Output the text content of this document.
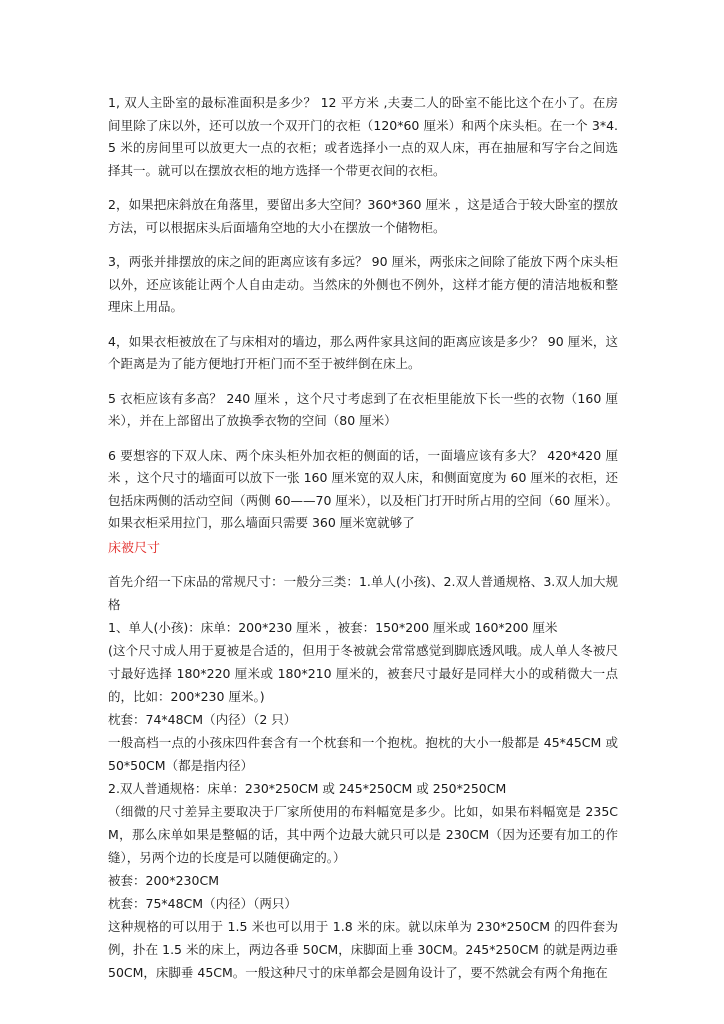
1, 双人主卧室的最标准面积是多少？ 12 平方米 ,夫妻二人的卧室不能比这个在小了。在房间里除了床以外，还可以放一个双开门的衣柜（120*60 厘米）和两个床头柜。在一个 3*4.5 米的房间里可以放更大一点的衣柜；或者选择小一点的双人床，再在抽屉和写字台之间选择其一。就可以在摆放衣柜的地方选择一个带更衣间的衣柜。

2，如果把床斜放在角落里，要留出多大空间？360*360 厘米 ，这是适合于较大卧室的摆放方法，可以根据床头后面墙角空地的大小在摆放一个储物柜。

3，两张并排摆放的床之间的距离应该有多远？ 90 厘米，两张床之间除了能放下两个床头柜以外，还应该能让两个人自由走动。当然床的外侧也不例外，这样才能方便的清洁地板和整理床上用品。

4，如果衣柜被放在了与床相对的墙边，那么两件家具这间的距离应该是多少？ 90 厘米，这个距离是为了能方便地打开柜门而不至于被绊倒在床上。

5 衣柜应该有多高？ 240 厘米 ，这个尺寸考虑到了在衣柜里能放下长一些的衣物（160 厘米），并在上部留出了放换季衣物的空间（80 厘米）

6 要想容的下双人床、两个床头柜外加衣柜的侧面的话，一面墙应该有多大？ 420*420 厘米 ，这个尺寸的墙面可以放下一张 160 厘米宽的双人床，和侧面宽度为 60 厘米的衣柜，还包括床两侧的活动空间（两侧 60——70 厘米），以及柜门打开时所占用的空间（60 厘米）。如果衣柜采用拉门，那么墙面只需要 360 厘米宽就够了

床被尺寸

首先介绍一下床品的常规尺寸：一般分三类：1.单人(小孩)、2.双人普通规格、3.双人加大规格

1、单人(小孩)：床单：200*230 厘米 ，被套：150*200 厘米或 160*200 厘米

(这个尺寸成人用于夏被是合适的，但用于冬被就会常常感觉到脚底透风哦。成人单人冬被尺寸最好选择 180*220 厘米或 180*210 厘米的，被套尺寸最好是同样大小的或稍微大一点的，比如：200*230 厘米。)

枕套：74*48CM（内径）（2 只）

一般高档一点的小孩床四件套含有一个枕套和一个抱枕。抱枕的大小一般都是 45*45CM 或 50*50CM（都是指内径）

2.双人普通规格：床单：230*250CM 或 245*250CM 或 250*250CM

（细微的尺寸差异主要取决于厂家所使用的布料幅宽是多少。比如，如果布料幅宽是 235CM，那么床单如果是整幅的话，其中两个边最大就只可以是 230CM（因为还要有加工的作缝），另两个边的长度是可以随便确定的。）

被套：200*230CM

枕套：75*48CM（内径）（两只）

这种规格的可以用于 1.5 米也可以用于 1.8 米的床。就以床单为 230*250CM 的四件套为例，扑在 1.5 米的床上，两边各垂 50CM，床脚面上垂 30CM。245*250CM 的就是两边垂 50CM，床脚垂 45CM。一般这种尺寸的床单都会是圆角设计了，要不然就会有两个角拖在
